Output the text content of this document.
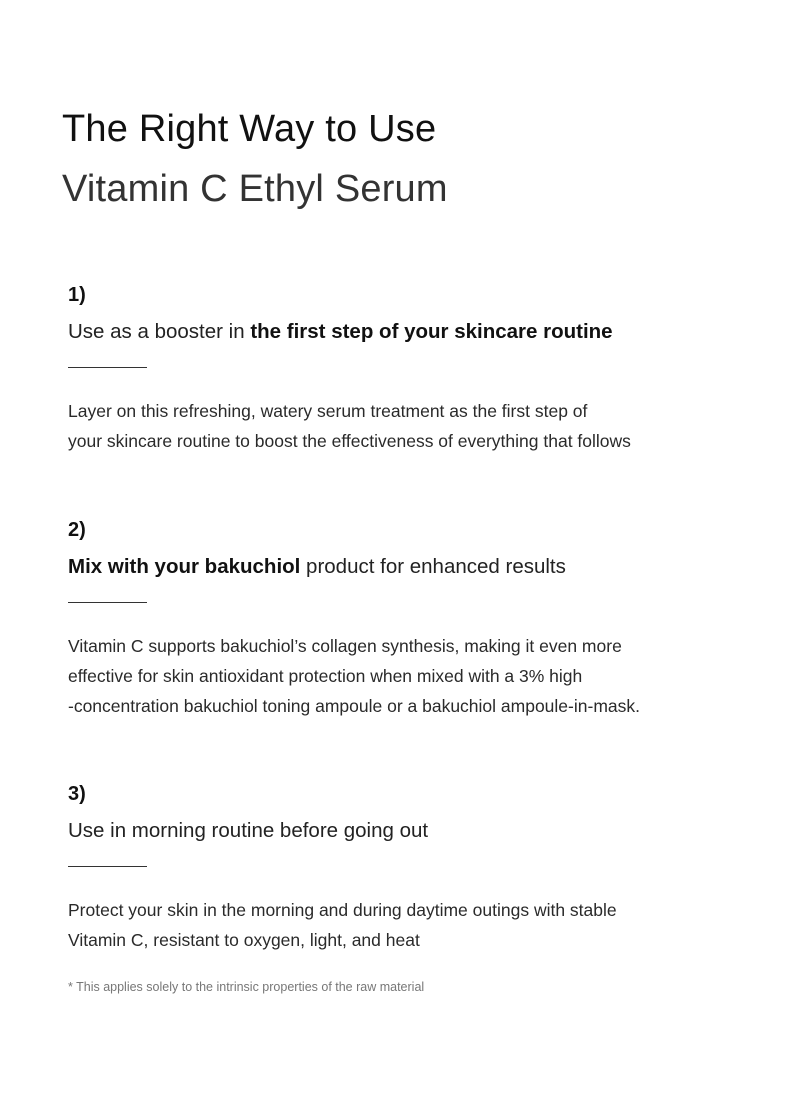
The Right Way to Use
Vitamin C Ethyl Serum
1)
Use as a booster in the first step of your skincare routine
Layer on this refreshing, watery serum treatment as the first step of
your skincare routine to boost the effectiveness of everything that follows
2)
Mix with your bakuchiol product for enhanced results
Vitamin C supports bakuchiol’s collagen synthesis, making it even more
effective for skin antioxidant protection when mixed with a 3% high
-concentration bakuchiol toning ampoule or a bakuchiol ampoule-in-mask.
3)
Use in morning routine before going out
Protect your skin in the morning and during daytime outings with stable
Vitamin C, resistant to oxygen, light, and heat
* This applies solely to the intrinsic properties of the raw material
